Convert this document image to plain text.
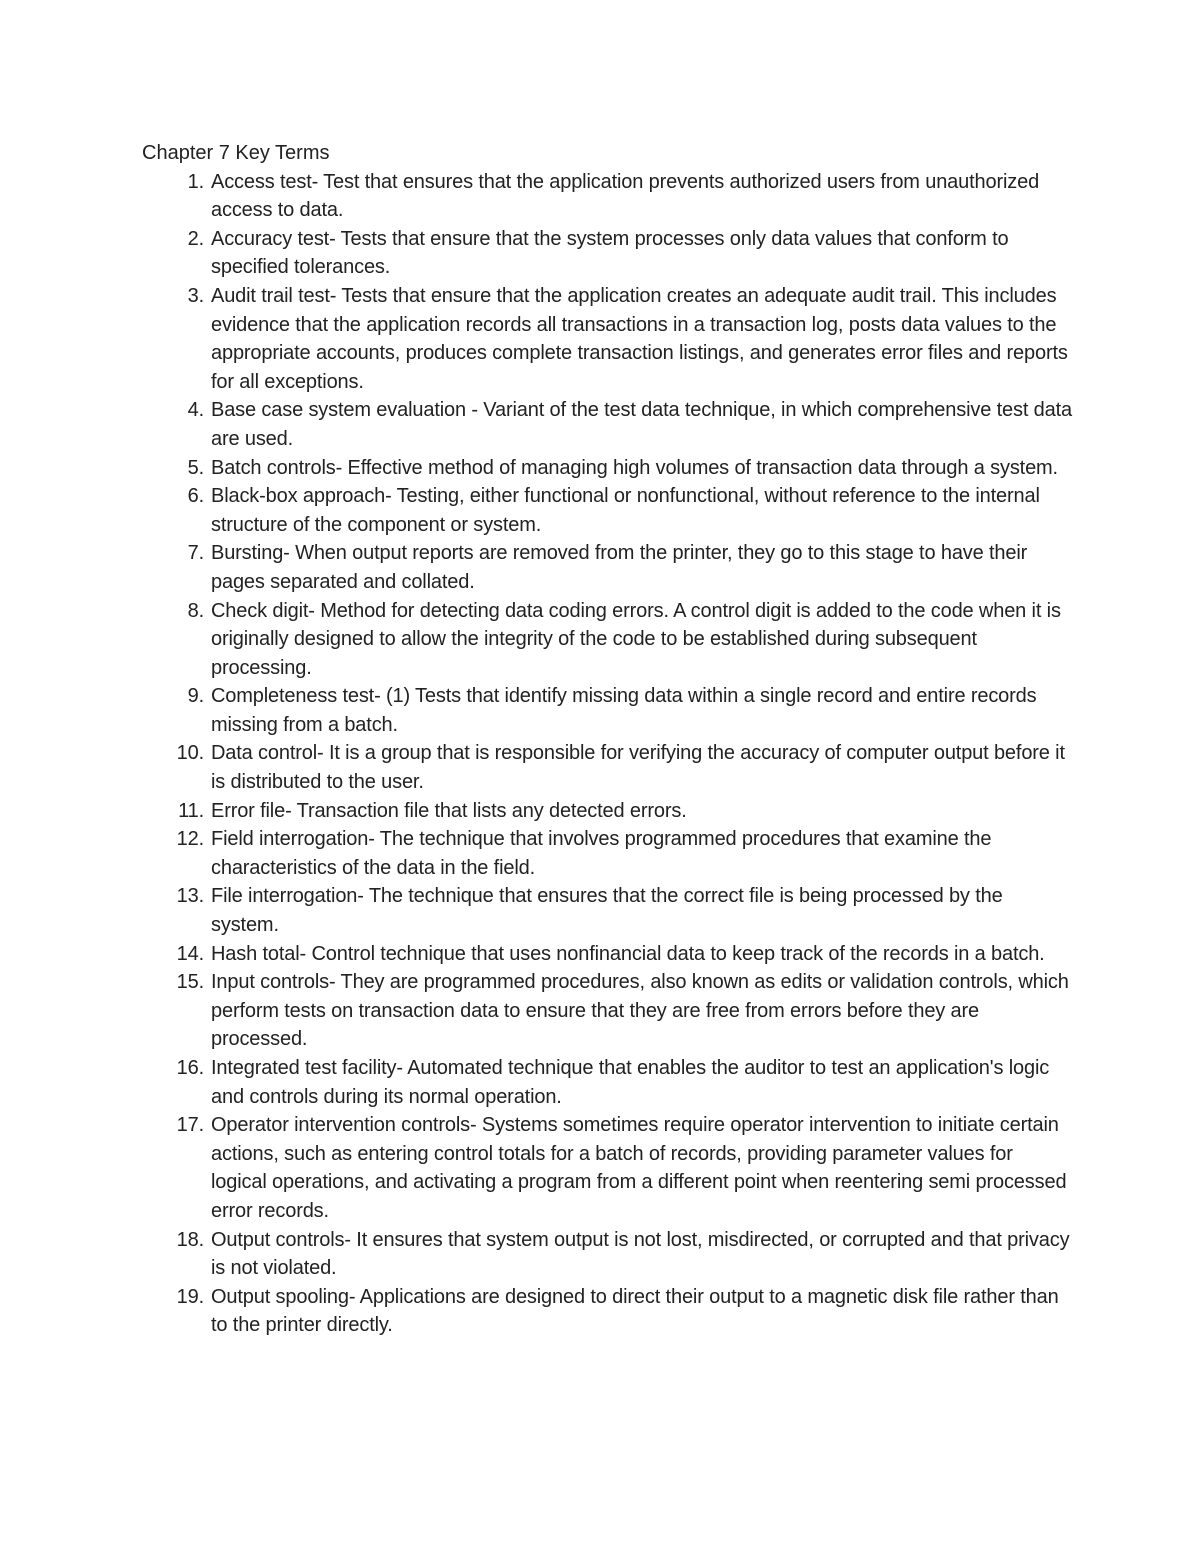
Chapter 7 Key Terms
1. Access test- Test that ensures that the application prevents authorized users from unauthorized access to data.
2. Accuracy test- Tests that ensure that the system processes only data values that conform to specified tolerances.
3. Audit trail test- Tests that ensure that the application creates an adequate audit trail. This includes evidence that the application records all transactions in a transaction log, posts data values to the appropriate accounts, produces complete transaction listings, and generates error files and reports for all exceptions.
4. Base case system evaluation - Variant of the test data technique, in which comprehensive test data are used.
5. Batch controls- Effective method of managing high volumes of transaction data through a system.
6. Black-box approach- Testing, either functional or nonfunctional, without reference to the internal structure of the component or system.
7. Bursting- When output reports are removed from the printer, they go to this stage to have their pages separated and collated.
8. Check digit- Method for detecting data coding errors. A control digit is added to the code when it is originally designed to allow the integrity of the code to be established during subsequent processing.
9. Completeness test- (1) Tests that identify missing data within a single record and entire records missing from a batch.
10. Data control- It is a group that is responsible for verifying the accuracy of computer output before it is distributed to the user.
11. Error file- Transaction file that lists any detected errors.
12. Field interrogation- The technique that involves programmed procedures that examine the characteristics of the data in the field.
13. File interrogation- The technique that ensures that the correct file is being processed by the system.
14. Hash total- Control technique that uses nonfinancial data to keep track of the records in a batch.
15. Input controls- They are programmed procedures, also known as edits or validation controls, which perform tests on transaction data to ensure that they are free from errors before they are processed.
16. Integrated test facility- Automated technique that enables the auditor to test an application's logic and controls during its normal operation.
17. Operator intervention controls- Systems sometimes require operator intervention to initiate certain actions, such as entering control totals for a batch of records, providing parameter values for logical operations, and activating a program from a different point when reentering semi processed error records.
18. Output controls- It ensures that system output is not lost, misdirected, or corrupted and that privacy is not violated.
19. Output spooling- Applications are designed to direct their output to a magnetic disk file rather than to the printer directly.
